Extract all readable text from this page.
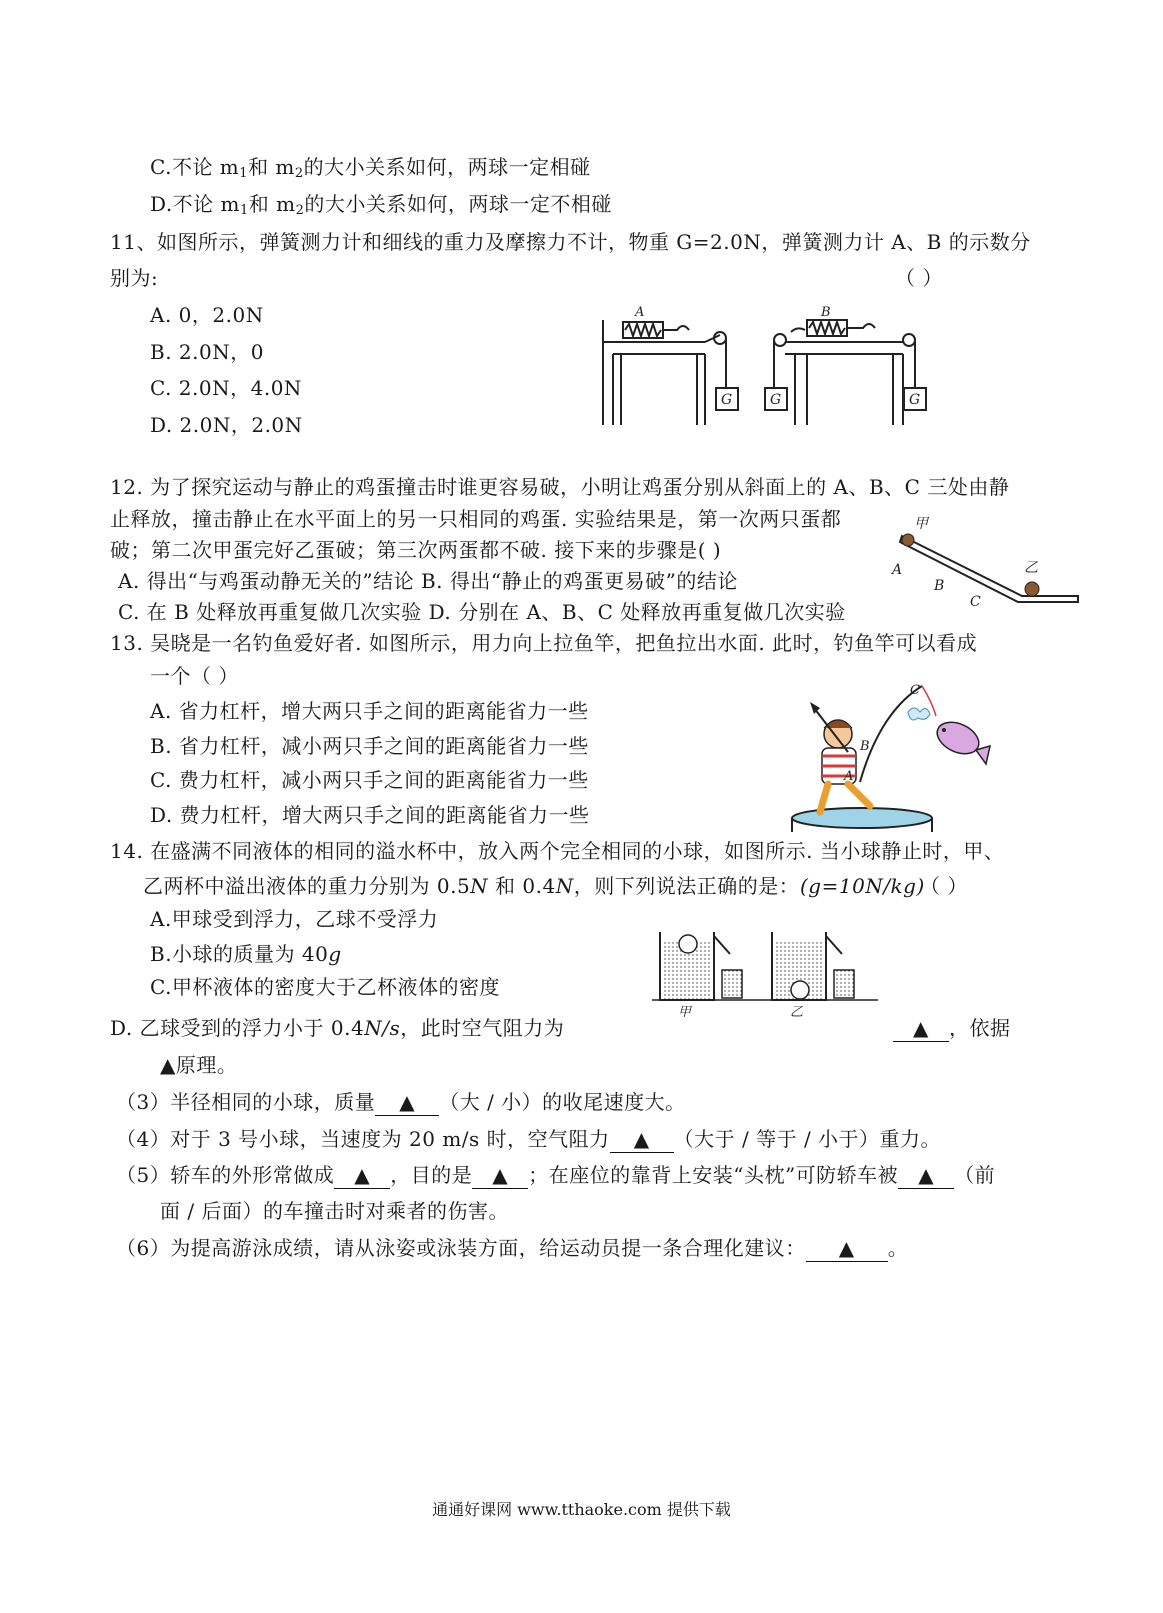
C.不论 $m_1$和 $m_2$的大小关系如何，两球一定相碰
D.不论 $m_1$和 $m_2$的大小关系如何，两球一定不相碰
11、如图所示，弹簧测力计和细线的重力及摩擦力不计，物重 G=2.0N，弹簧测力计 A、B 的示数分
别为:	（ ）
A. 0，2.0N
B. 2.0N，0
C. 2.0N，4.0N
D. 2.0N，2.0N
A
G
B
G	G
12. 为了探究运动与静止的鸡蛋撞击时谁更容易破，小明让鸡蛋分别从斜面上的 A、B、C 三处由静
止释放，撞击静止在水平面上的另一只相同的鸡蛋. 实验结果是，第一次两只蛋都
破；第二次甲蛋完好乙蛋破；第三次两蛋都不破. 接下来的步骤是( )
A. 得出“与鸡蛋动静无关的”结论 B. 得出“静止的鸡蛋更易破”的结论
C. 在 B 处释放再重复做几次实验 D. 分别在 A、B、C 处释放再重复做几次实验
甲
乙
A
B
C
13. 吴晓是一名钓鱼爱好者. 如图所示，用力向上拉鱼竿，把鱼拉出水面. 此时，钓鱼竿可以看成
一个（ ）
A. 省力杠杆，增大两只手之间的距离能省力一些
B. 省力杠杆，减小两只手之间的距离能省力一些
C. 费力杠杆，减小两只手之间的距离能省力一些
D. 费力杠杆，增大两只手之间的距离能省力一些
C
B
A
14. 在盛满不同液体的相同的溢水杯中，放入两个完全相同的小球，如图所示. 当小球静止时，甲、
乙两杯中溢出液体的重力分别为 0.5N 和 0.4N，则下列说法正确的是： (g=10N/kg)
（ ）
A.甲球受到浮力，乙球不受浮力
B.小球的质量为 40g
C.甲杯液体的密度大于乙杯液体的密度
甲	乙
D. 乙球受到的浮力小于 0.4N/s，此时空气阻力为	▲ ，依据
▲原理。
（3）半径相同的小球，质量 ▲ （大 / 小）的收尾速度大。
（4）对于 3 号小球，当速度为 20 m/s 时，空气阻力 ▲ （大于 / 等于 / 小于）重力。
（5）轿车的外形常做成 ▲ ，目的是 ▲ ；在座位的靠背上安装“头枕”可防轿车被 ▲ （前
面 / 后面）的车撞击时对乘者的伤害。
（6）为提高游泳成绩，请从泳姿或泳装方面，给运动员提一条合理化建议： ▲ 。
通通好课网 www.tthaoke.com 提供下载
